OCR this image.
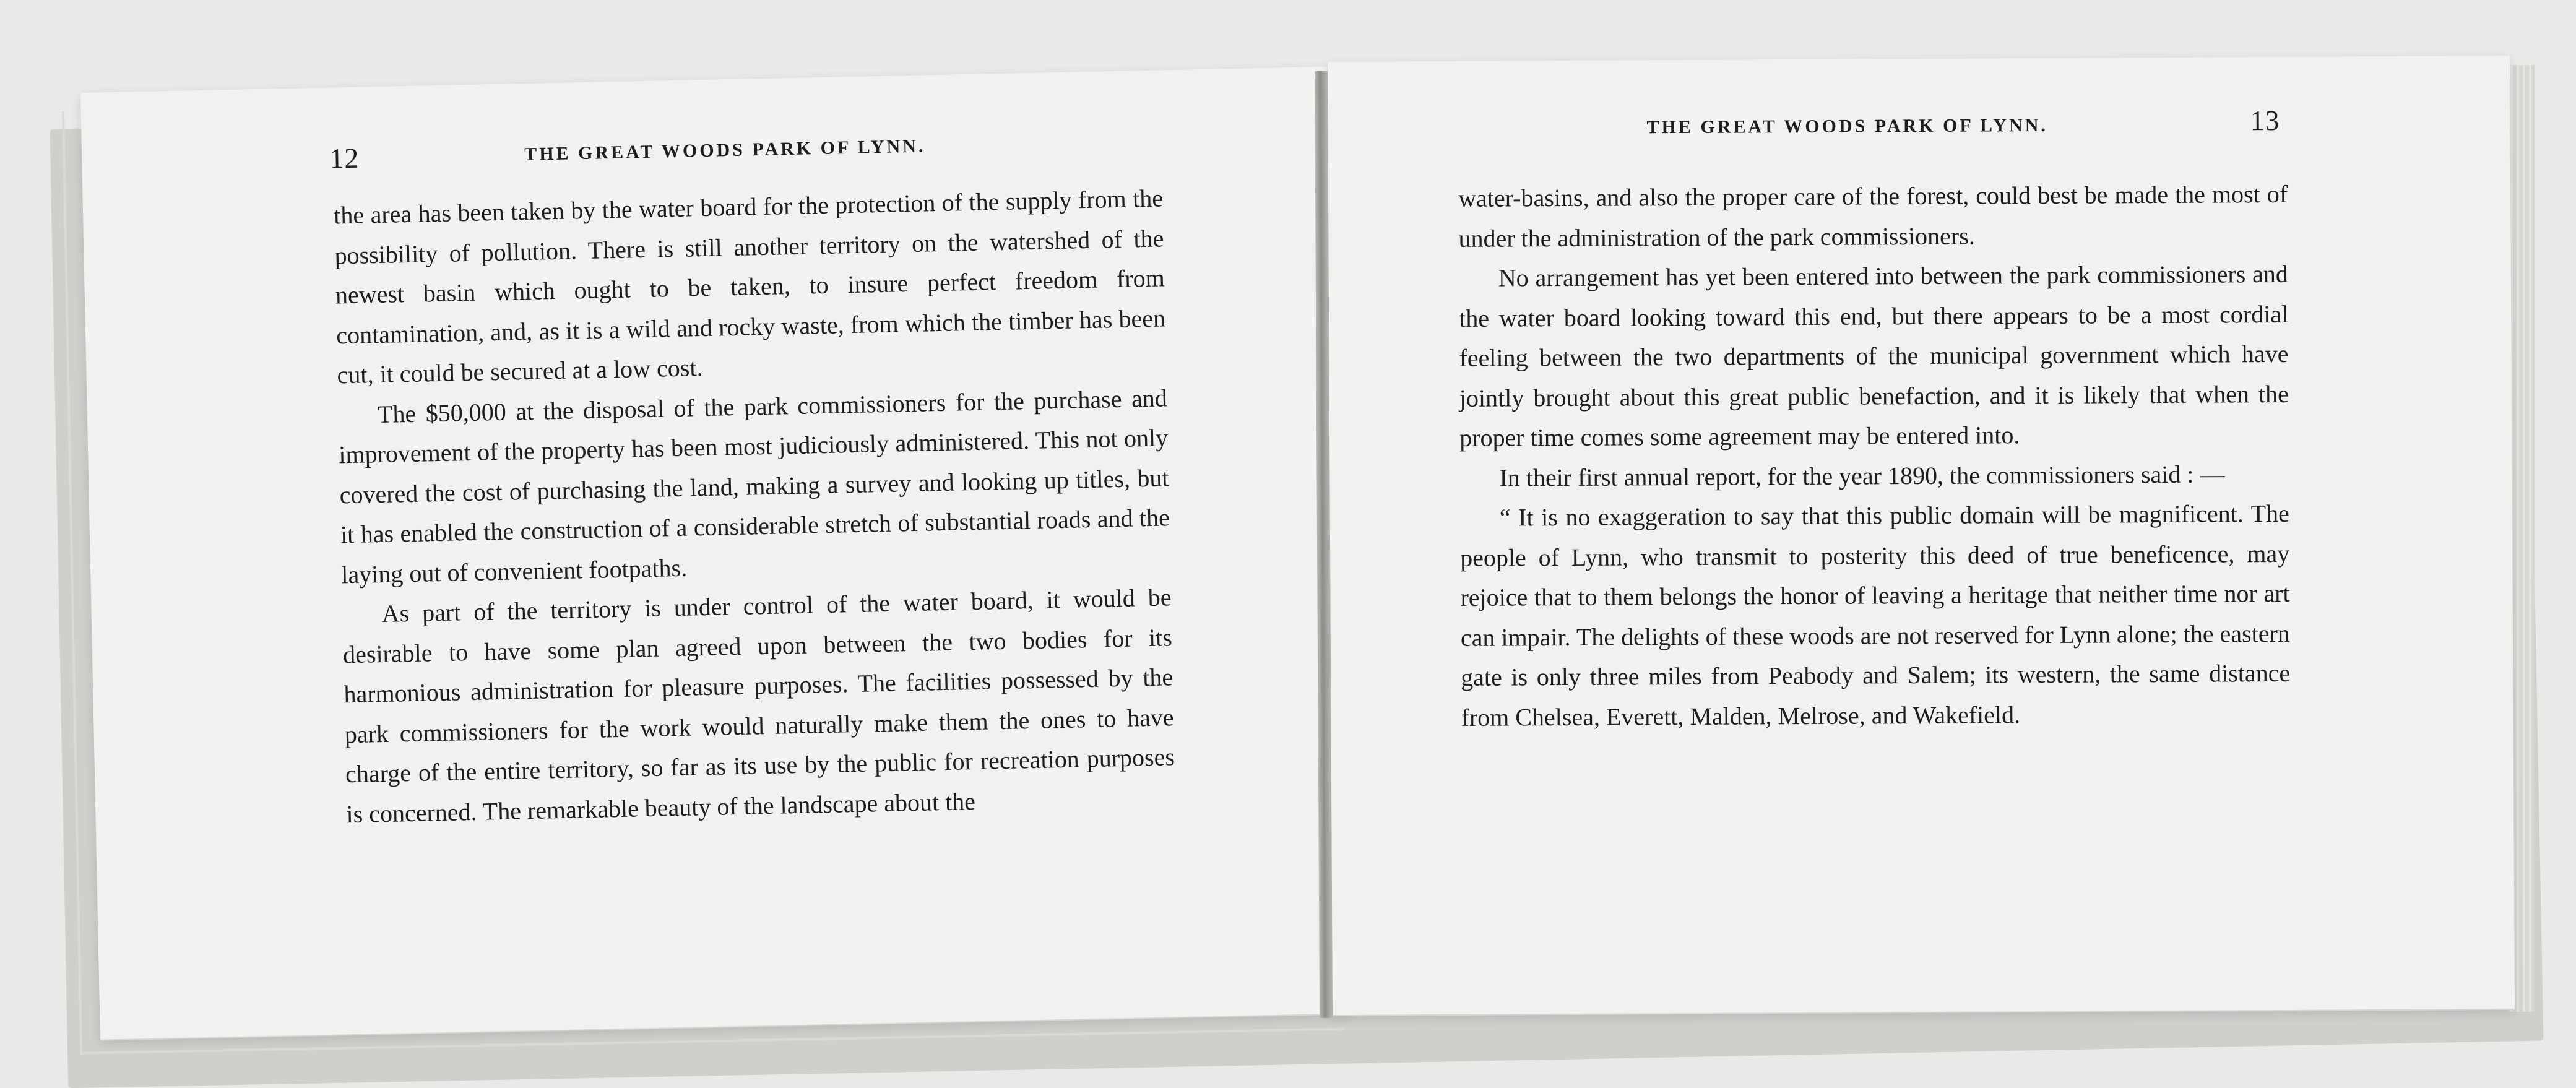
12	THE GREAT WOODS PARK OF LYNN.

the area has been taken by the water board for the protection of the supply from the possibility of pollution. There is still another territory on the watershed of the newest basin which ought to be taken, to insure perfect freedom from contamination, and, as it is a wild and rocky waste, from which the timber has been cut, it could be secured at a low cost.

The $50,000 at the disposal of the park commissioners for the purchase and improvement of the property has been most judiciously administered. This not only covered the cost of purchasing the land, making a survey and looking up titles, but it has enabled the construction of a considerable stretch of substantial roads and the laying out of convenient footpaths.

As part of the territory is under control of the water board, it would be desirable to have some plan agreed upon between the two bodies for its harmonious administration for pleasure purposes. The facilities possessed by the park commissioners for the work would naturally make them the ones to have charge of the entire territory, so far as its use by the public for recreation purposes is concerned. The remarkable beauty of the landscape about the

THE GREAT WOODS PARK OF LYNN.	13

water-basins, and also the proper care of the forest, could best be made the most of under the administration of the park commissioners.

No arrangement has yet been entered into between the park commissioners and the water board looking toward this end, but there appears to be a most cordial feeling between the two departments of the municipal government which have jointly brought about this great public benefaction, and it is likely that when the proper time comes some agreement may be entered into.

In their first annual report, for the year 1890, the commissioners said : —

“ It is no exaggeration to say that this public domain will be magnificent. The people of Lynn, who transmit to posterity this deed of true beneficence, may rejoice that to them belongs the honor of leaving a heritage that neither time nor art can impair. The delights of these woods are not reserved for Lynn alone; the eastern gate is only three miles from Peabody and Salem; its western, the same distance from Chelsea, Everett, Malden, Melrose, and Wakefield.
